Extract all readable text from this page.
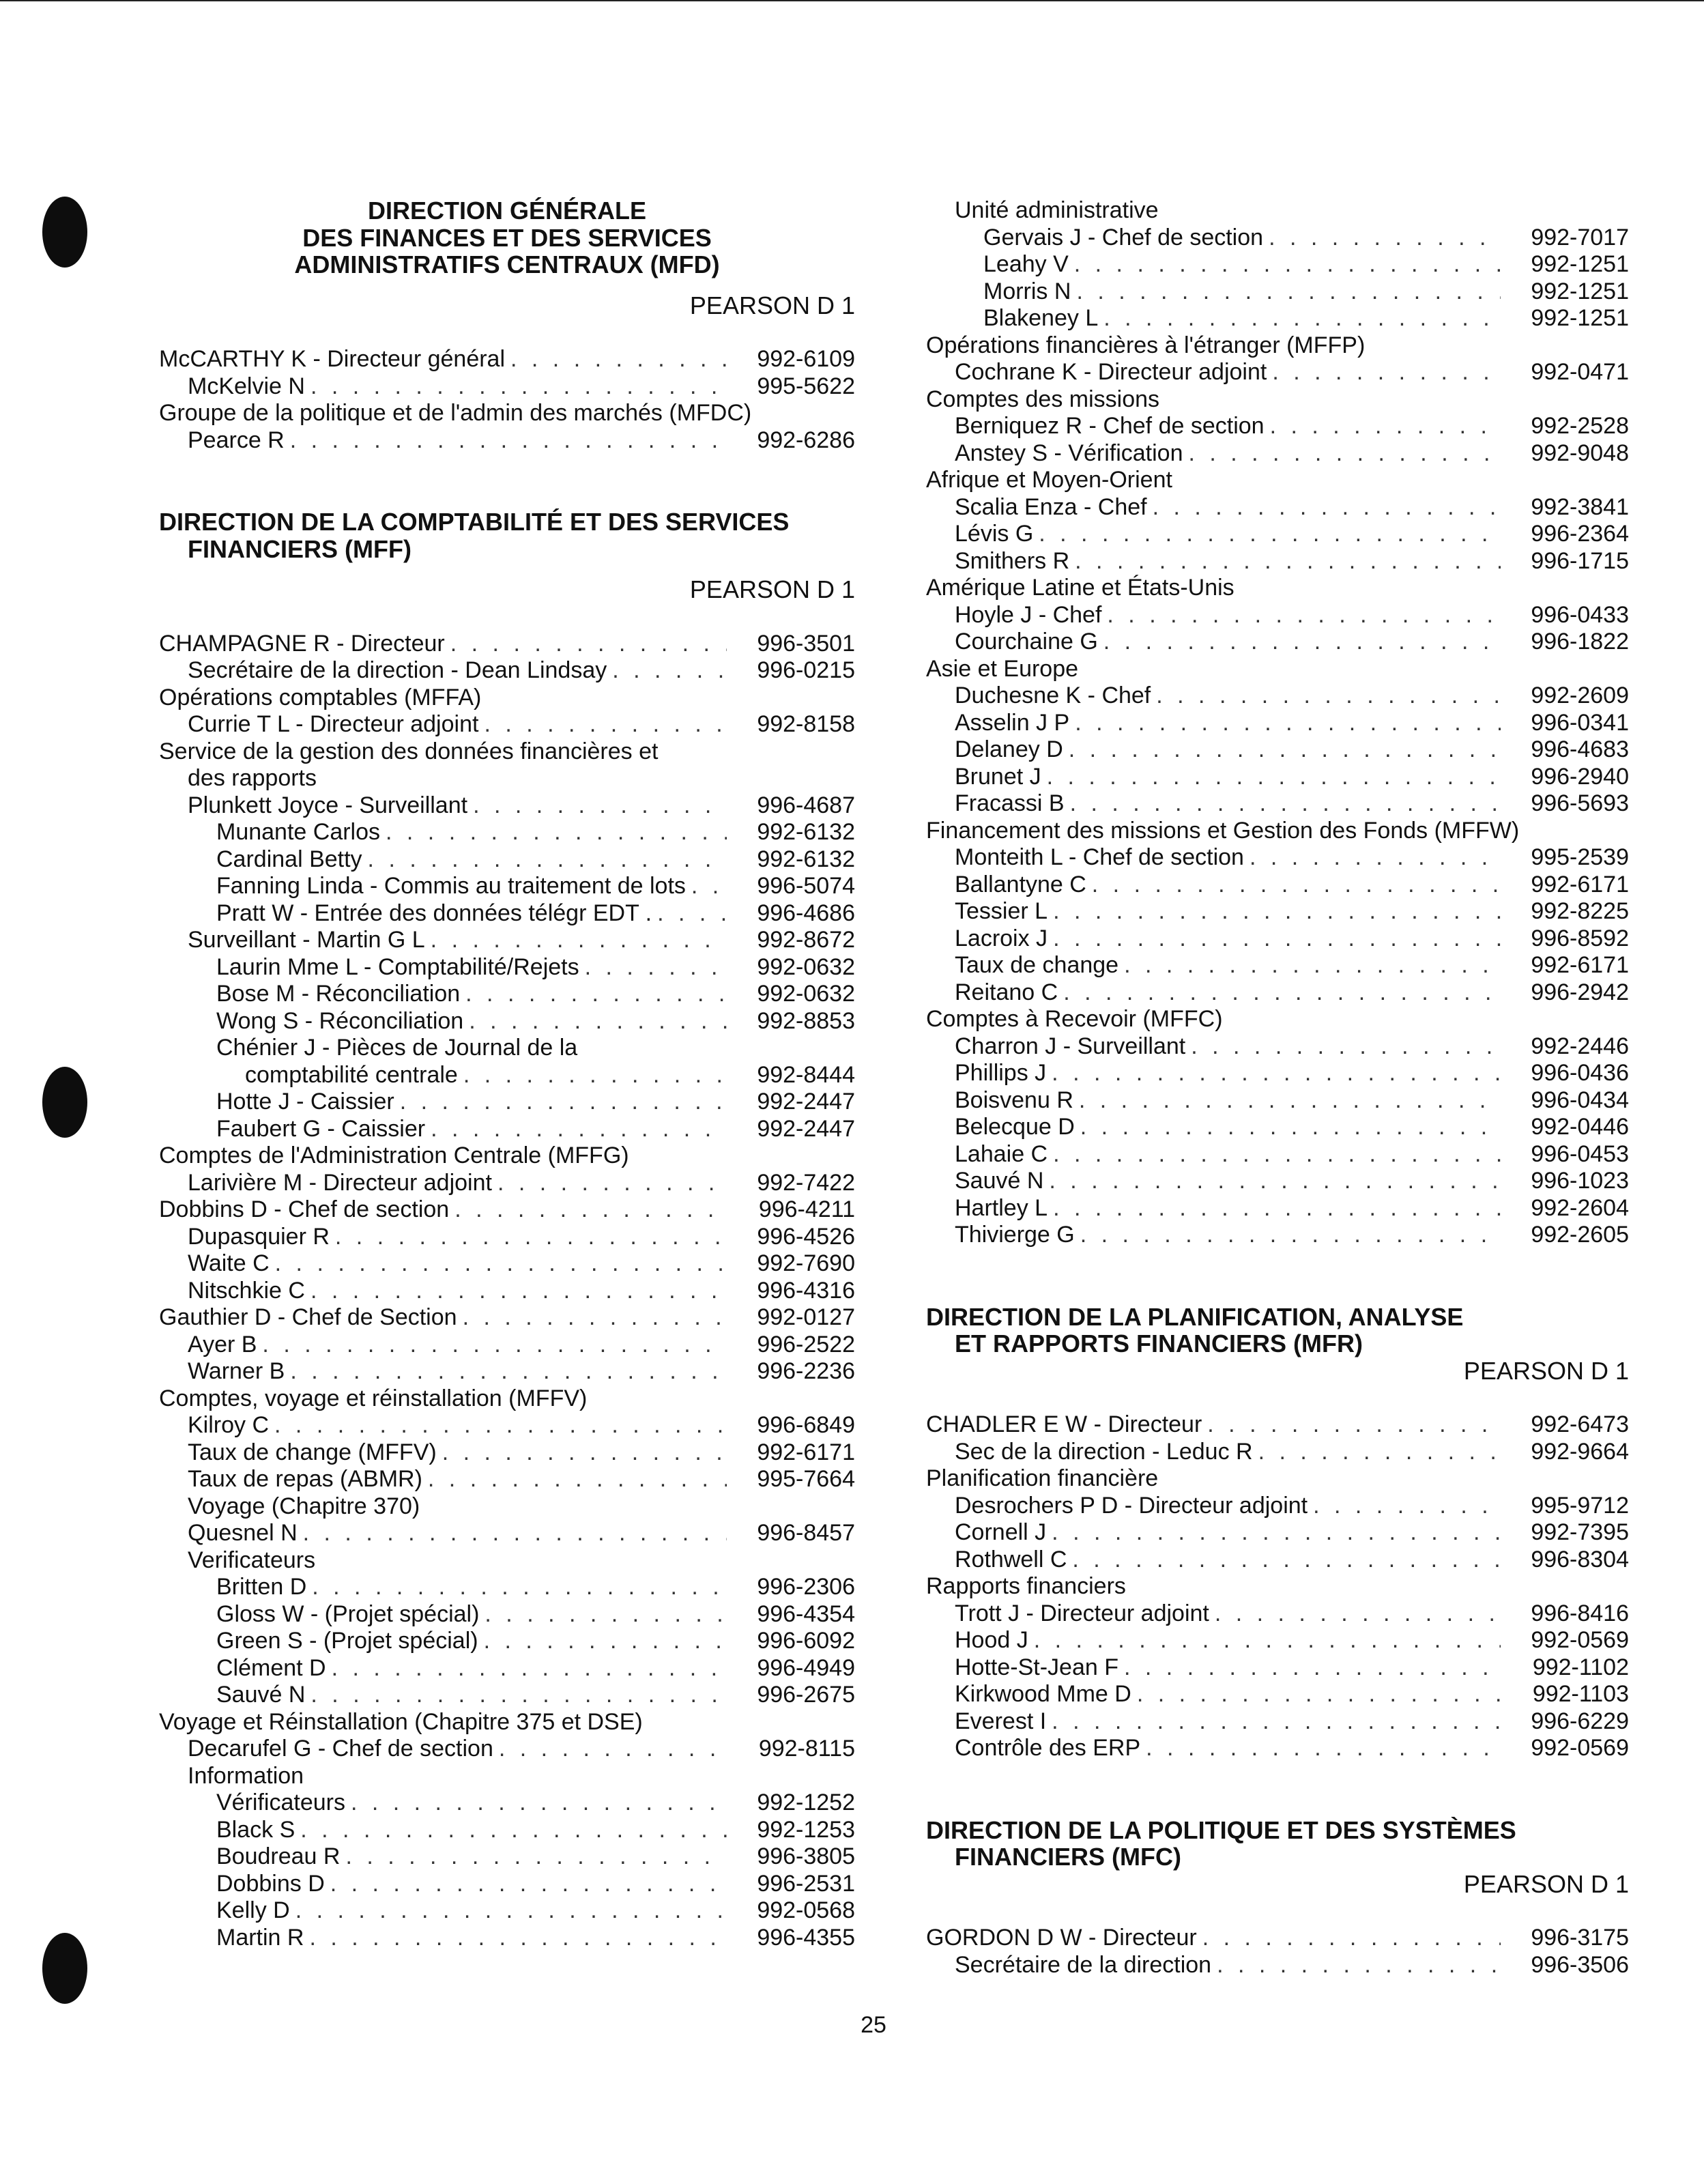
DIRECTION GÉNÉRALE
DES FINANCES ET DES SERVICES
ADMINISTRATIFS CENTRAUX (MFD)
PEARSON D 1
McCARTHY K - Directeur général . . .	992-6109
McKelvie N . . .	995-5622
Groupe de la politique et de l'admin des marchés (MFDC)
Pearce R . . .	992-6286
DIRECTION DE LA COMPTABILITÉ ET DES SERVICES
FINANCIERS (MFF)
PEARSON D 1
CHAMPAGNE R - Directeur . . .	996-3501
Secrétaire de la direction - Dean Lindsay . . .	996-0215
Opérations comptables (MFFA)
Currie T L - Directeur adjoint . . .	992-8158
Service de la gestion des données financières et
des rapports
Plunkett Joyce - Surveillant . . .	996-4687
Munante Carlos . . .	992-6132
Cardinal Betty . . .	992-6132
Fanning Linda - Commis au traitement de lots . . .	996-5074
Pratt W - Entrée des données télégr EDT . . . .	996-4686
Surveillant - Martin G L . . .	992-8672
Laurin Mme L - Comptabilité/Rejets . . .	992-0632
Bose M - Réconciliation . . .	992-0632
Wong S - Réconciliation . . .	992-8853
Chénier J - Pièces de Journal de la
comptabilité centrale . . .	992-8444
Hotte J - Caissier . . .	992-2447
Faubert G - Caissier . . .	992-2447
Comptes de l'Administration Centrale (MFFG)
Larivière M - Directeur adjoint . . .	992-7422
Dobbins D - Chef de section . . .	996-4211
Dupasquier R . . .	996-4526
Waite C . . .	992-7690
Nitschkie C . . .	996-4316
Gauthier D - Chef de Section . . .	992-0127
Ayer B . . .	996-2522
Warner B . . .	996-2236
Comptes, voyage et réinstallation (MFFV)
Kilroy C . . .	996-6849
Taux de change (MFFV) . . .	992-6171
Taux de repas (ABMR) . . .	995-7664
Voyage (Chapitre 370)
Quesnel N . . .	996-8457
Verificateurs
Britten D . . .	996-2306
Gloss W - (Projet spécial) . . .	996-4354
Green S - (Projet spécial) . . .	996-6092
Clément D . . .	996-4949
Sauvé N . . .	996-2675
Voyage et Réinstallation (Chapitre 375 et DSE)
Decarufel G - Chef de section . . .	992-8115
Information
Vérificateurs . . .	992-1252
Black S . . .	992-1253
Boudreau R . . .	996-3805
Dobbins D . . .	996-2531
Kelly D . . .	992-0568
Martin R . . .	996-4355
Unité administrative
Gervais J - Chef de section . . .	992-7017
Leahy V . . .	992-1251
Morris N . . .	992-1251
Blakeney L . . .	992-1251
Opérations financières à l'étranger (MFFP)
Cochrane K - Directeur adjoint . . .	992-0471
Comptes des missions
Berniquez R - Chef de section . . .	992-2528
Anstey S - Vérification . . .	992-9048
Afrique et Moyen-Orient
Scalia Enza - Chef . . .	992-3841
Lévis G . . .	996-2364
Smithers R . . .	996-1715
Amérique Latine et États-Unis
Hoyle J - Chef . . .	996-0433
Courchaine G . . .	996-1822
Asie et Europe
Duchesne K - Chef . . .	992-2609
Asselin J P . . .	996-0341
Delaney D . . .	996-4683
Brunet J . . .	996-2940
Fracassi B . . .	996-5693
Financement des missions et Gestion des Fonds (MFFW)
Monteith L - Chef de section . . .	995-2539
Ballantyne C . . .	992-6171
Tessier L . . .	992-8225
Lacroix J . . .	996-8592
Taux de change . . .	992-6171
Reitano C . . .	996-2942
Comptes à Recevoir (MFFC)
Charron J - Surveillant . . .	992-2446
Phillips J . . .	996-0436
Boisvenu R . . .	996-0434
Belecque D . . .	992-0446
Lahaie C . . .	996-0453
Sauvé N . . .	996-1023
Hartley L . . .	992-2604
Thivierge G . . .	992-2605
DIRECTION DE LA PLANIFICATION, ANALYSE
ET RAPPORTS FINANCIERS (MFR)
PEARSON D 1
CHADLER E W - Directeur . . .	992-6473
Sec de la direction - Leduc R . . .	992-9664
Planification financière
Desrochers P D - Directeur adjoint . . .	995-9712
Cornell J . . .	992-7395
Rothwell C . . .	996-8304
Rapports financiers
Trott J - Directeur adjoint . . .	996-8416
Hood J . . .	992-0569
Hotte-St-Jean F . . .	992-1102
Kirkwood Mme D . . .	992-1103
Everest I . . .	996-6229
Contrôle des ERP . . .	992-0569
DIRECTION DE LA POLITIQUE ET DES SYSTÈMES
FINANCIERS (MFC)
PEARSON D 1
GORDON D W - Directeur . . .	996-3175
Secrétaire de la direction . . .	996-3506
25
